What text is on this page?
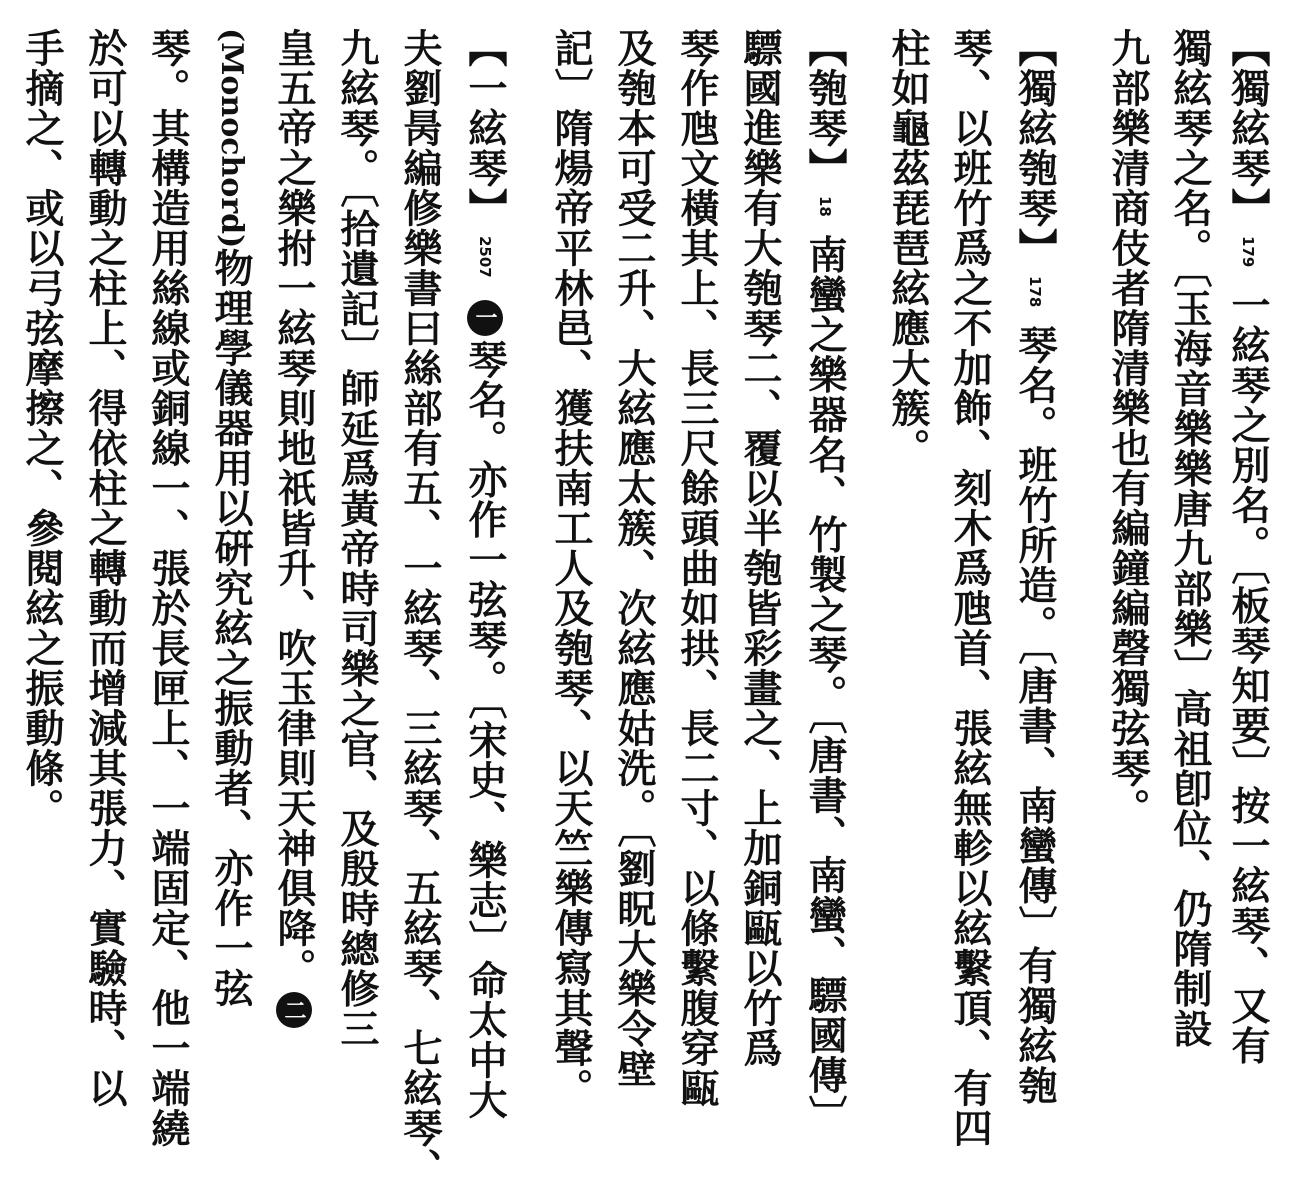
【獨絃琴】179一絃琴之別名。〔板琴知要〕按一絃琴、又有
獨絃琴之名。〔玉海音樂樂唐九部樂〕高祖卽位、仍隋制設
九部樂清商伎者隋清樂也有編鐘編磬獨弦琴。
【獨絃匏琴】178琴名。班竹所造。〔唐書、南蠻傳〕有獨絃匏
琴、以班竹爲之不加飾、刻木爲虺首、張絃無軫以絃繫頂、有四
柱如龜茲琵琶絃應大簇。
【匏琴】18南蠻之樂器名、竹製之琴。〔唐書、南蠻、驃國傳〕
驃國進樂有大匏琴二、覆以半匏皆彩畫之、上加銅甌以竹爲
琴作虺文橫其上、長三尺餘頭曲如拱、長二寸、以條繫腹穿甌
及匏本可受二升、大絃應太簇、次絃應姑洗。〔劉眖大樂令壁
記〕隋煬帝平林邑、獲扶南工人及匏琴、以天竺樂傳寫其聲。
【一絃琴】2507一琴名。亦作一弦琴。〔宋史、樂志〕命太中大
夫劉昺編修樂書曰絲部有五、一絃琴、三絃琴、五絃琴、七絃琴、
九絃琴。〔拾遺記〕師延爲黃帝時司樂之官、及殷時總修三
皇五帝之樂拊一絃琴則地祇皆升、吹玉律則天神俱降。二
(Monochord)物理學儀器用以硏究絃之振動者、亦作一弦
琴。其構造用絲線或銅線一、張於長匣上、一端固定、他一端繞
於可以轉動之柱上、得依柱之轉動而增減其張力、實驗時、以
手摘之、或以弓弦摩擦之、參閱絃之振動條。
